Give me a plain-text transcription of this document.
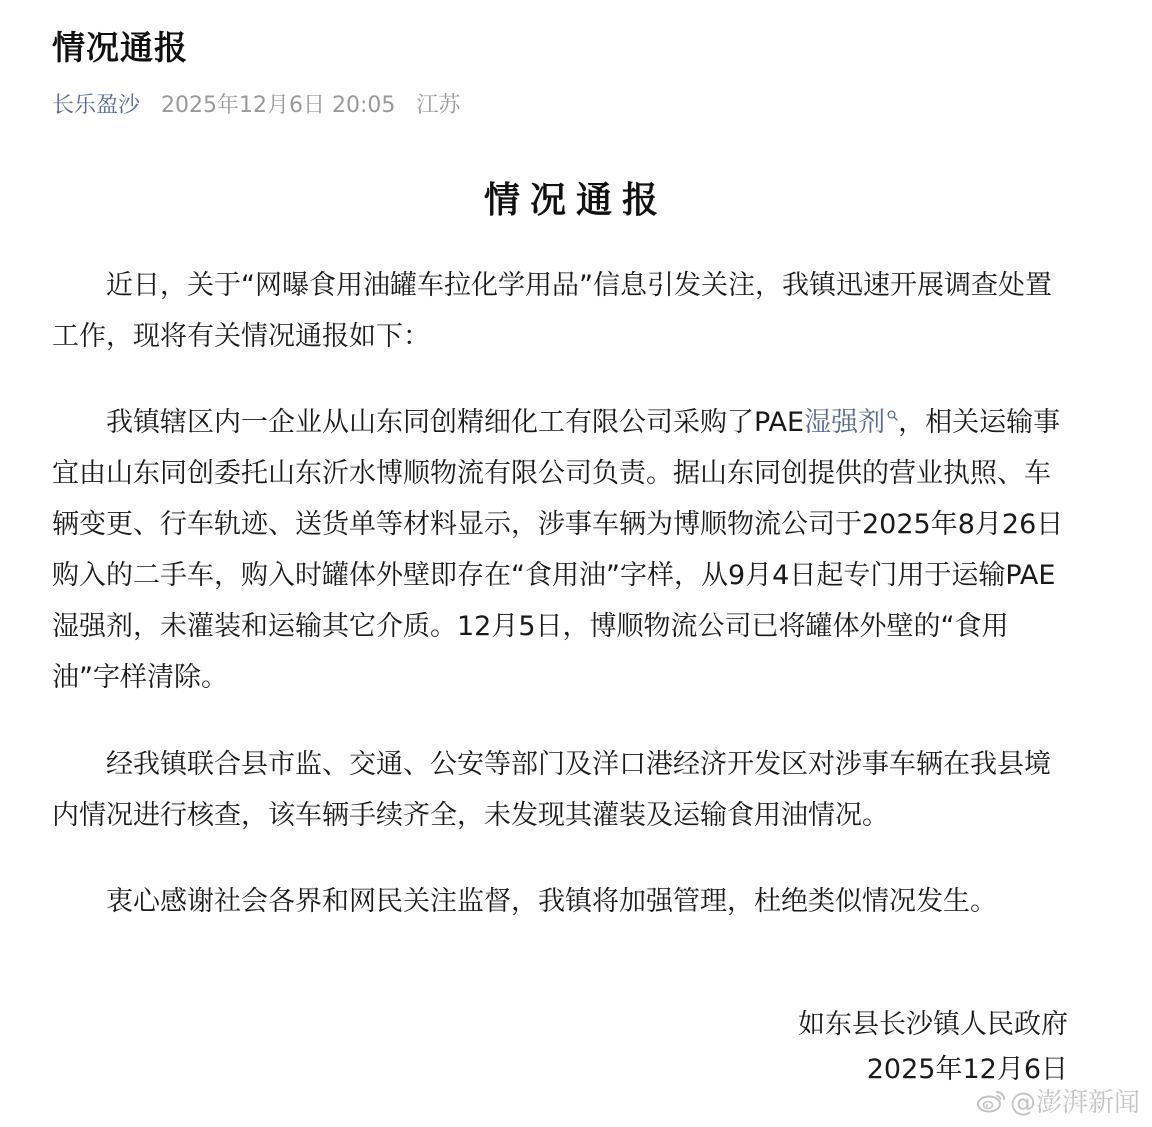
情况通报
长乐盈沙 2025年12月6日 20:05 江苏
情况通报

近日，关于“网曝食用油罐车拉化学用品”信息引发关注，我镇迅速开展调查处置工作，现将有关情况通报如下：

我镇辖区内一企业从山东同创精细化工有限公司采购了PAE湿强剂 ，相关运输事宜由山东同创委托山东沂水博顺物流有限公司负责。据山东同创提供的营业执照、车辆变更、行车轨迹、送货单等材料显示，涉事车辆为博顺物流公司于2025年8月26日购入的二手车，购入时罐体外壁即存在“食用油”字样，从9月4日起专门用于运输PAE湿强剂，未灌装和运输其它介质。12月5日，博顺物流公司已将罐体外壁的“食用油”字样清除。

经我镇联合县市监、交通、公安等部门及洋口港经济开发区对涉事车辆在我县境内情况进行核查，该车辆手续齐全，未发现其灌装及运输食用油情况。

衷心感谢社会各界和网民关注监督，我镇将加强管理，杜绝类似情况发生。

如东县长沙镇人民政府
2025年12月6日
@澎湃新闻
